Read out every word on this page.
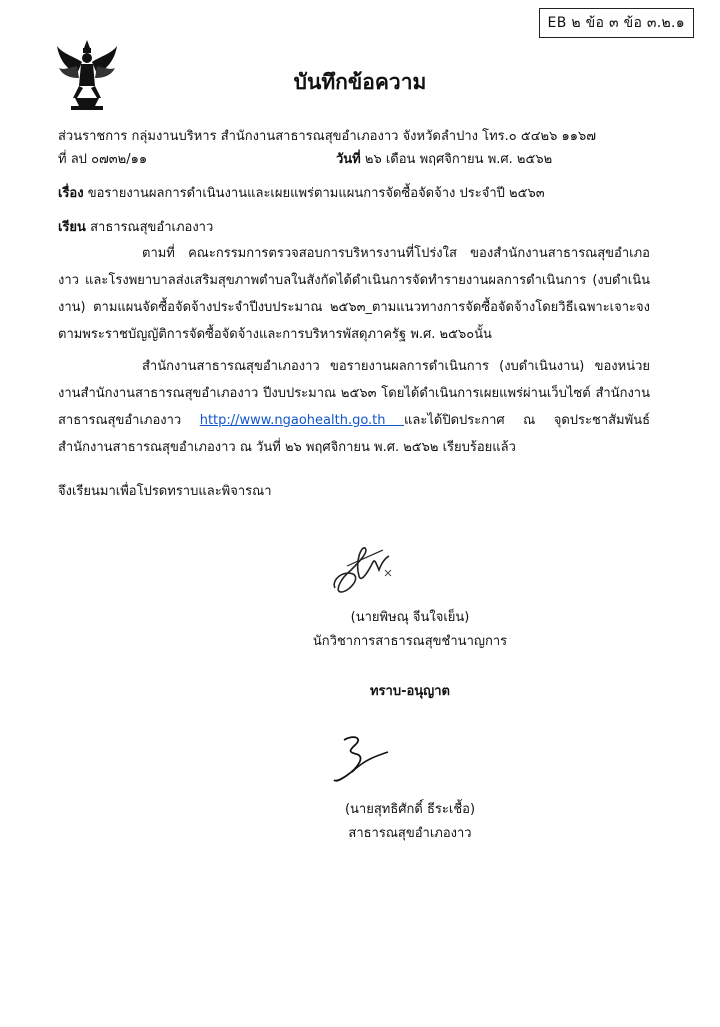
EB ๒ ข้อ ๓ ข้อ ๓.๒.๑
บันทึกข้อความ
ส่วนราชการ กลุ่มงานบริหาร สำนักงานสาธารณสุขอำเภองาว จังหวัดลำปาง โทร.๐ ๕๔๒๖ ๑๑๖๗
ที่ ลป ๐๗๓๒/๑๑	วันที่ ๒๖ เดือน พฤศจิกายน พ.ศ. ๒๕๖๒
เรื่อง ขอรายงานผลการดำเนินงานและเผยแพร่ตามแผนการจัดซื้อจัดจ้าง ประจำปี ๒๕๖๓
เรียน สาธารณสุขอำเภองาว
ตามที่ คณะกรรมการตรวจสอบการบริหารงานที่โปร่งใส ของสำนักงานสาธารณสุขอำเภองาว และโรงพยาบาลส่งเสริมสุขภาพตำบลในสังกัดได้ดำเนินการจัดทำรายงานผลการดำเนินการ (งบดำเนินงาน) ตามแผนจัดซื้อจัดจ้างประจำปีงบประมาณ ๒๕๖๓_ตามแนวทางการจัดซื้อจัดจ้างโดยวิธีเฉพาะเจาะจง ตามพระราชบัญญัติการจัดซื้อจัดจ้างและการบริหารพัสดุภาครัฐ พ.ศ. ๒๕๖๐นั้น
สำนักงานสาธารณสุขอำเภองาว ขอรายงานผลการดำเนินการ (งบดำเนินงาน) ของหน่วยงานสำนักงานสาธารณสุขอำเภองาว ปีงบประมาณ ๒๕๖๓ โดยได้ดำเนินการเผยแพร่ผ่านเว็บไซต์ สำนักงานสาธารณสุขอำเภองาว http://www.ngaohealth.go.th และได้ปิดประกาศ ณ จุดประชาสัมพันธ์ สำนักงานสาธารณสุขอำเภองาว ณ วันที่ ๒๖ พฤศจิกายน พ.ศ. ๒๕๖๒ เรียบร้อยแล้ว
จึงเรียนมาเพื่อโปรดทราบและพิจารณา
(นายพิษณุ จีนใจเย็น)
นักวิชาการสาธารณสุขชำนาญการ
ทราบ-อนุญาต
(นายสุทธิศักดิ์ ธีระเชื้อ)
สาธารณสุขอำเภองาว
